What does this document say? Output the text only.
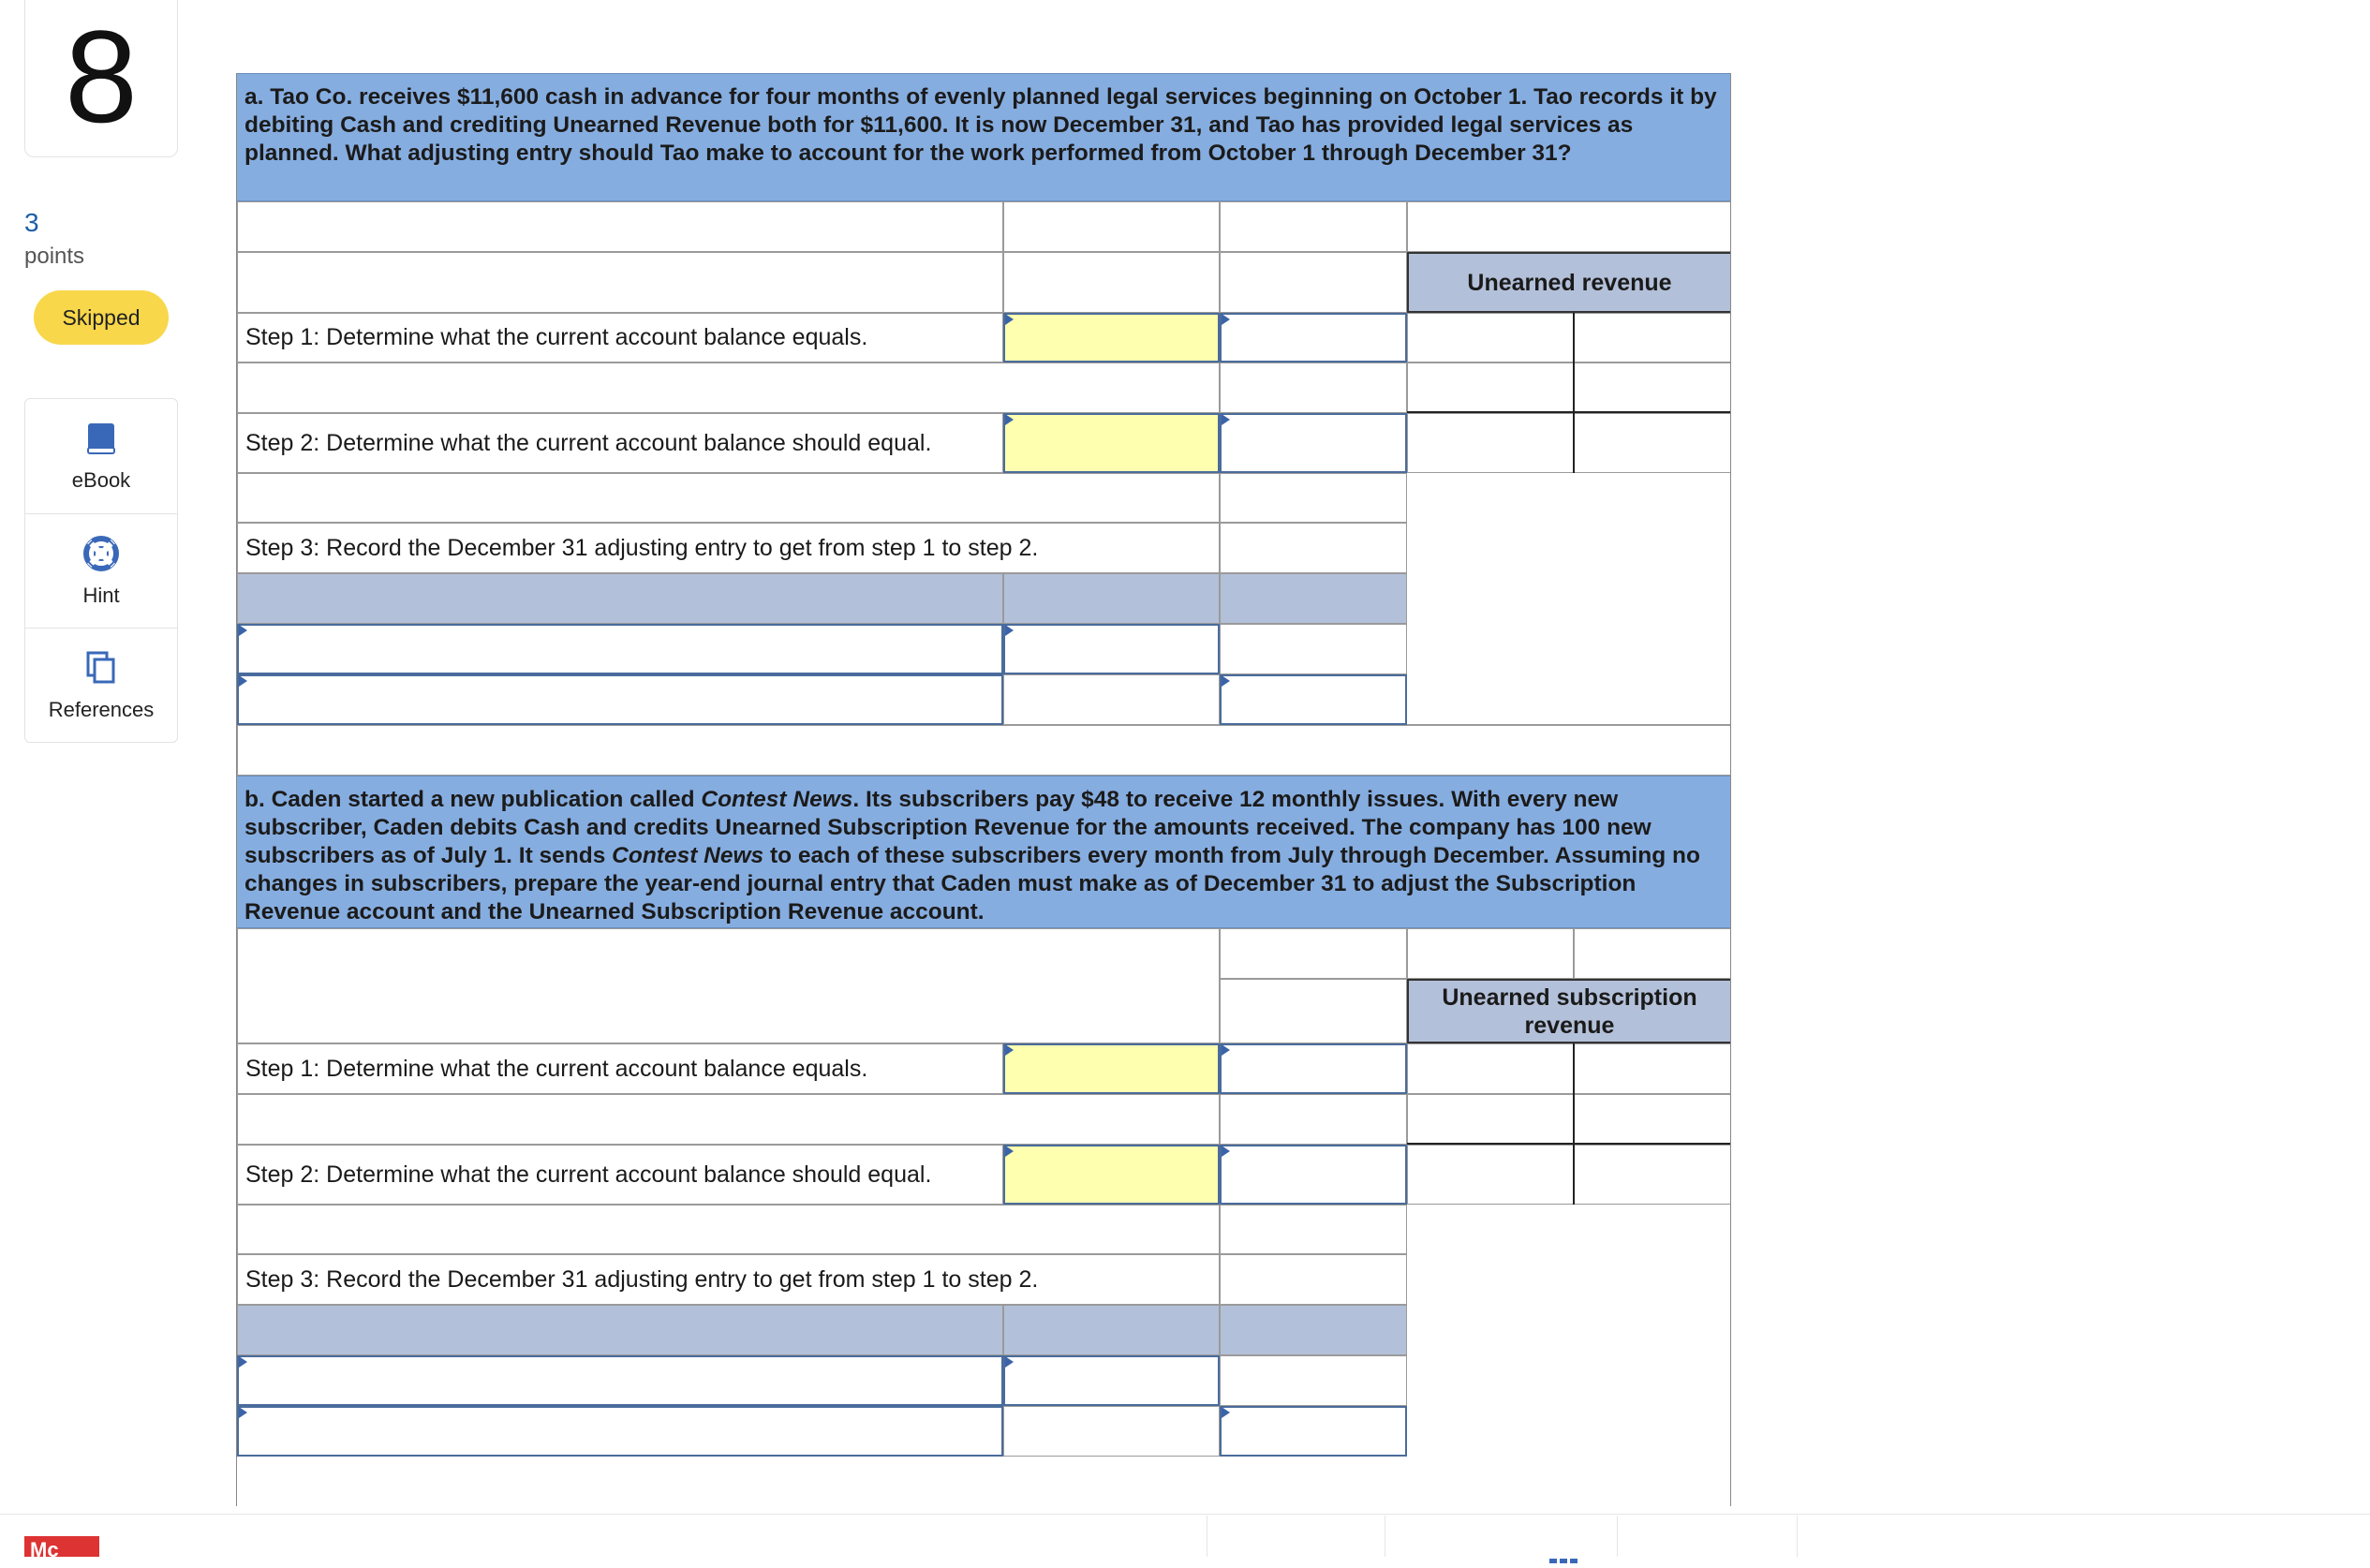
8
3
points
Skipped
eBook
Hint
References
a. Tao Co. receives $11,600 cash in advance for four months of evenly planned legal services beginning on October 1. Tao records it by debiting Cash and crediting Unearned Revenue both for $11,600. It is now December 31, and Tao has provided legal services as planned. What adjusting entry should Tao make to account for the work performed from October 1 through December 31?
Unearned revenue
Step 1: Determine what the current account balance equals.
Step 2: Determine what the current account balance should equal.
Step 3: Record the December 31 adjusting entry to get from step 1 to step 2.
b. Caden started a new publication called Contest News. Its subscribers pay $48 to receive 12 monthly issues. With every new subscriber, Caden debits Cash and credits Unearned Subscription Revenue for the amounts received. The company has 100 new subscribers as of July 1. It sends Contest News to each of these subscribers every month from July through December. Assuming no changes in subscribers, prepare the year-end journal entry that Caden must make as of December 31 to adjust the Subscription Revenue account and the Unearned Subscription Revenue account.
Unearned subscription revenue
Step 1: Determine what the current account balance equals.
Step 2: Determine what the current account balance should equal.
Step 3: Record the December 31 adjusting entry to get from step 1 to step 2.
Mc
